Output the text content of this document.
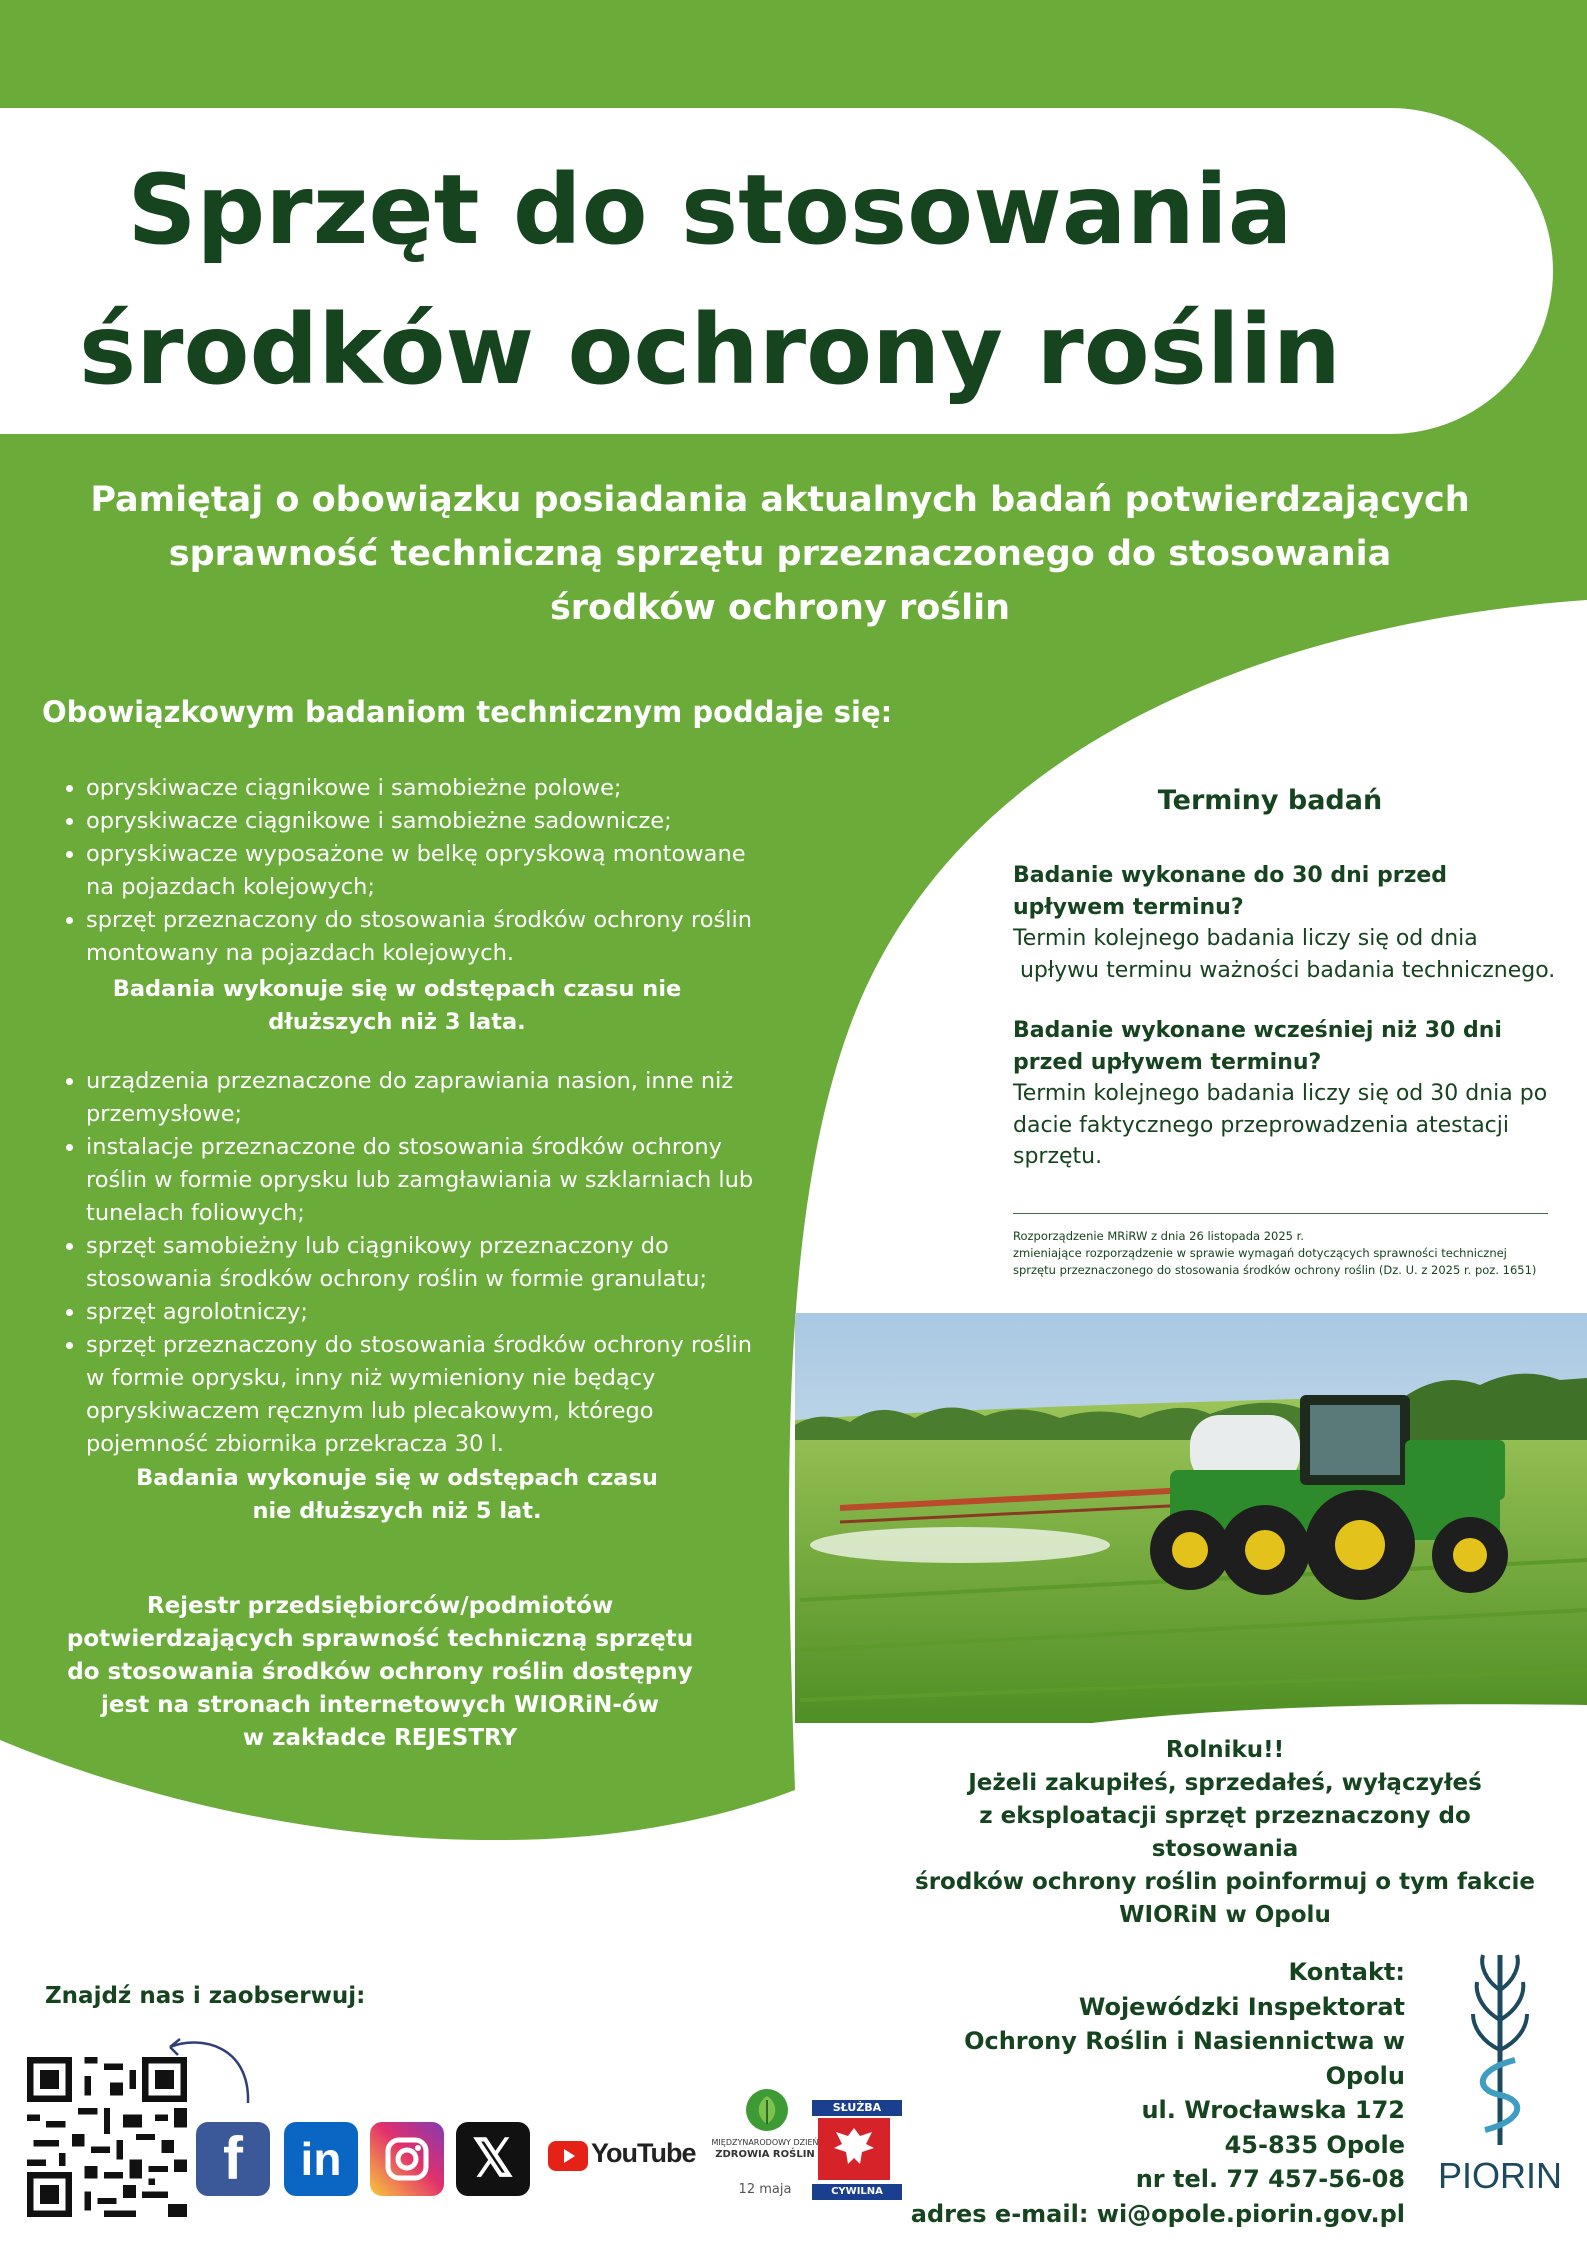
Sprzęt do stosowania
środków ochrony roślin

Pamiętaj o obowiązku posiadania aktualnych badań potwierdzających
sprawność techniczną sprzętu przeznaczonego do stosowania
środków ochrony roślin

Obowiązkowym badaniom technicznym poddaje się:
• opryskiwacze ciągnikowe i samobieżne polowe;
• opryskiwacze ciągnikowe i samobieżne sadownicze;
• opryskiwacze wyposażone w belkę opryskową montowane na pojazdach kolejowych;
• sprzęt przeznaczony do stosowania środków ochrony roślin montowany na pojazdach kolejowych.

Badania wykonuje się w odstępach czasu nie
dłuższych niż 3 lata.

• urządzenia przeznaczone do zaprawiania nasion, inne niż przemysłowe;
• instalacje przeznaczone do stosowania środków ochrony roślin w formie oprysku lub zamgławiania w szklarniach lub tunelach foliowych;
• sprzęt samobieżny lub ciągnikowy przeznaczony do stosowania środków ochrony roślin w formie granulatu;
• sprzęt agrolotniczy;
• sprzęt przeznaczony do stosowania środków ochrony roślin w formie oprysku, inny niż wymieniony nie będący opryskiwaczem ręcznym lub plecakowym, którego pojemność zbiornika przekracza 30 l.

Badania wykonuje się w odstępach czasu
nie dłuższych niż 5 lat.

Rejestr przedsiębiorców/podmiotów
potwierdzających sprawność techniczną sprzętu
do stosowania środków ochrony roślin dostępny
jest na stronach internetowych WIORiN-ów
w zakładce REJESTRY

Terminy badań

Badanie wykonane do 30 dni przed
upływem terminu?

Termin kolejnego badania liczy się od dnia
upływu terminu ważności badania technicznego.

Badanie wykonane wcześniej niż 30 dni
przed upływem terminu?

Termin kolejnego badania liczy się od 30 dnia po
dacie faktycznego przeprowadzenia atestacji
sprzętu.

Rozporządzenie MRiRW z dnia 26 listopada 2025 r.
zmieniające rozporządzenie w sprawie wymagań dotyczących sprawności technicznej
sprzętu przeznaczonego do stosowania środków ochrony roślin (Dz. U. z 2025 r. poz. 1651)

Rolniku!!
Jeżeli zakupiłeś, sprzedałeś, wyłączyłeś
z eksploatacji sprzęt przeznaczony do stosowania
środków ochrony roślin poinformuj o tym fakcie
WIORiN w Opolu

Znajdź nas i zaobserwuj:

f	in	𝕏	YouTube	MIĘDZYNARODOWY DZIEŃ
ZDROWIA ROŚLIN
12 maja
SŁUŻBA
CYWILNA

Kontakt:
Wojewódzki Inspektorat
Ochrony Roślin i Nasiennictwa w Opolu
ul. Wrocławska 172
45-835 Opole
nr tel. 77 457-56-08
adres e-mail: wi@opole.piorin.gov.pl

PIORIN
